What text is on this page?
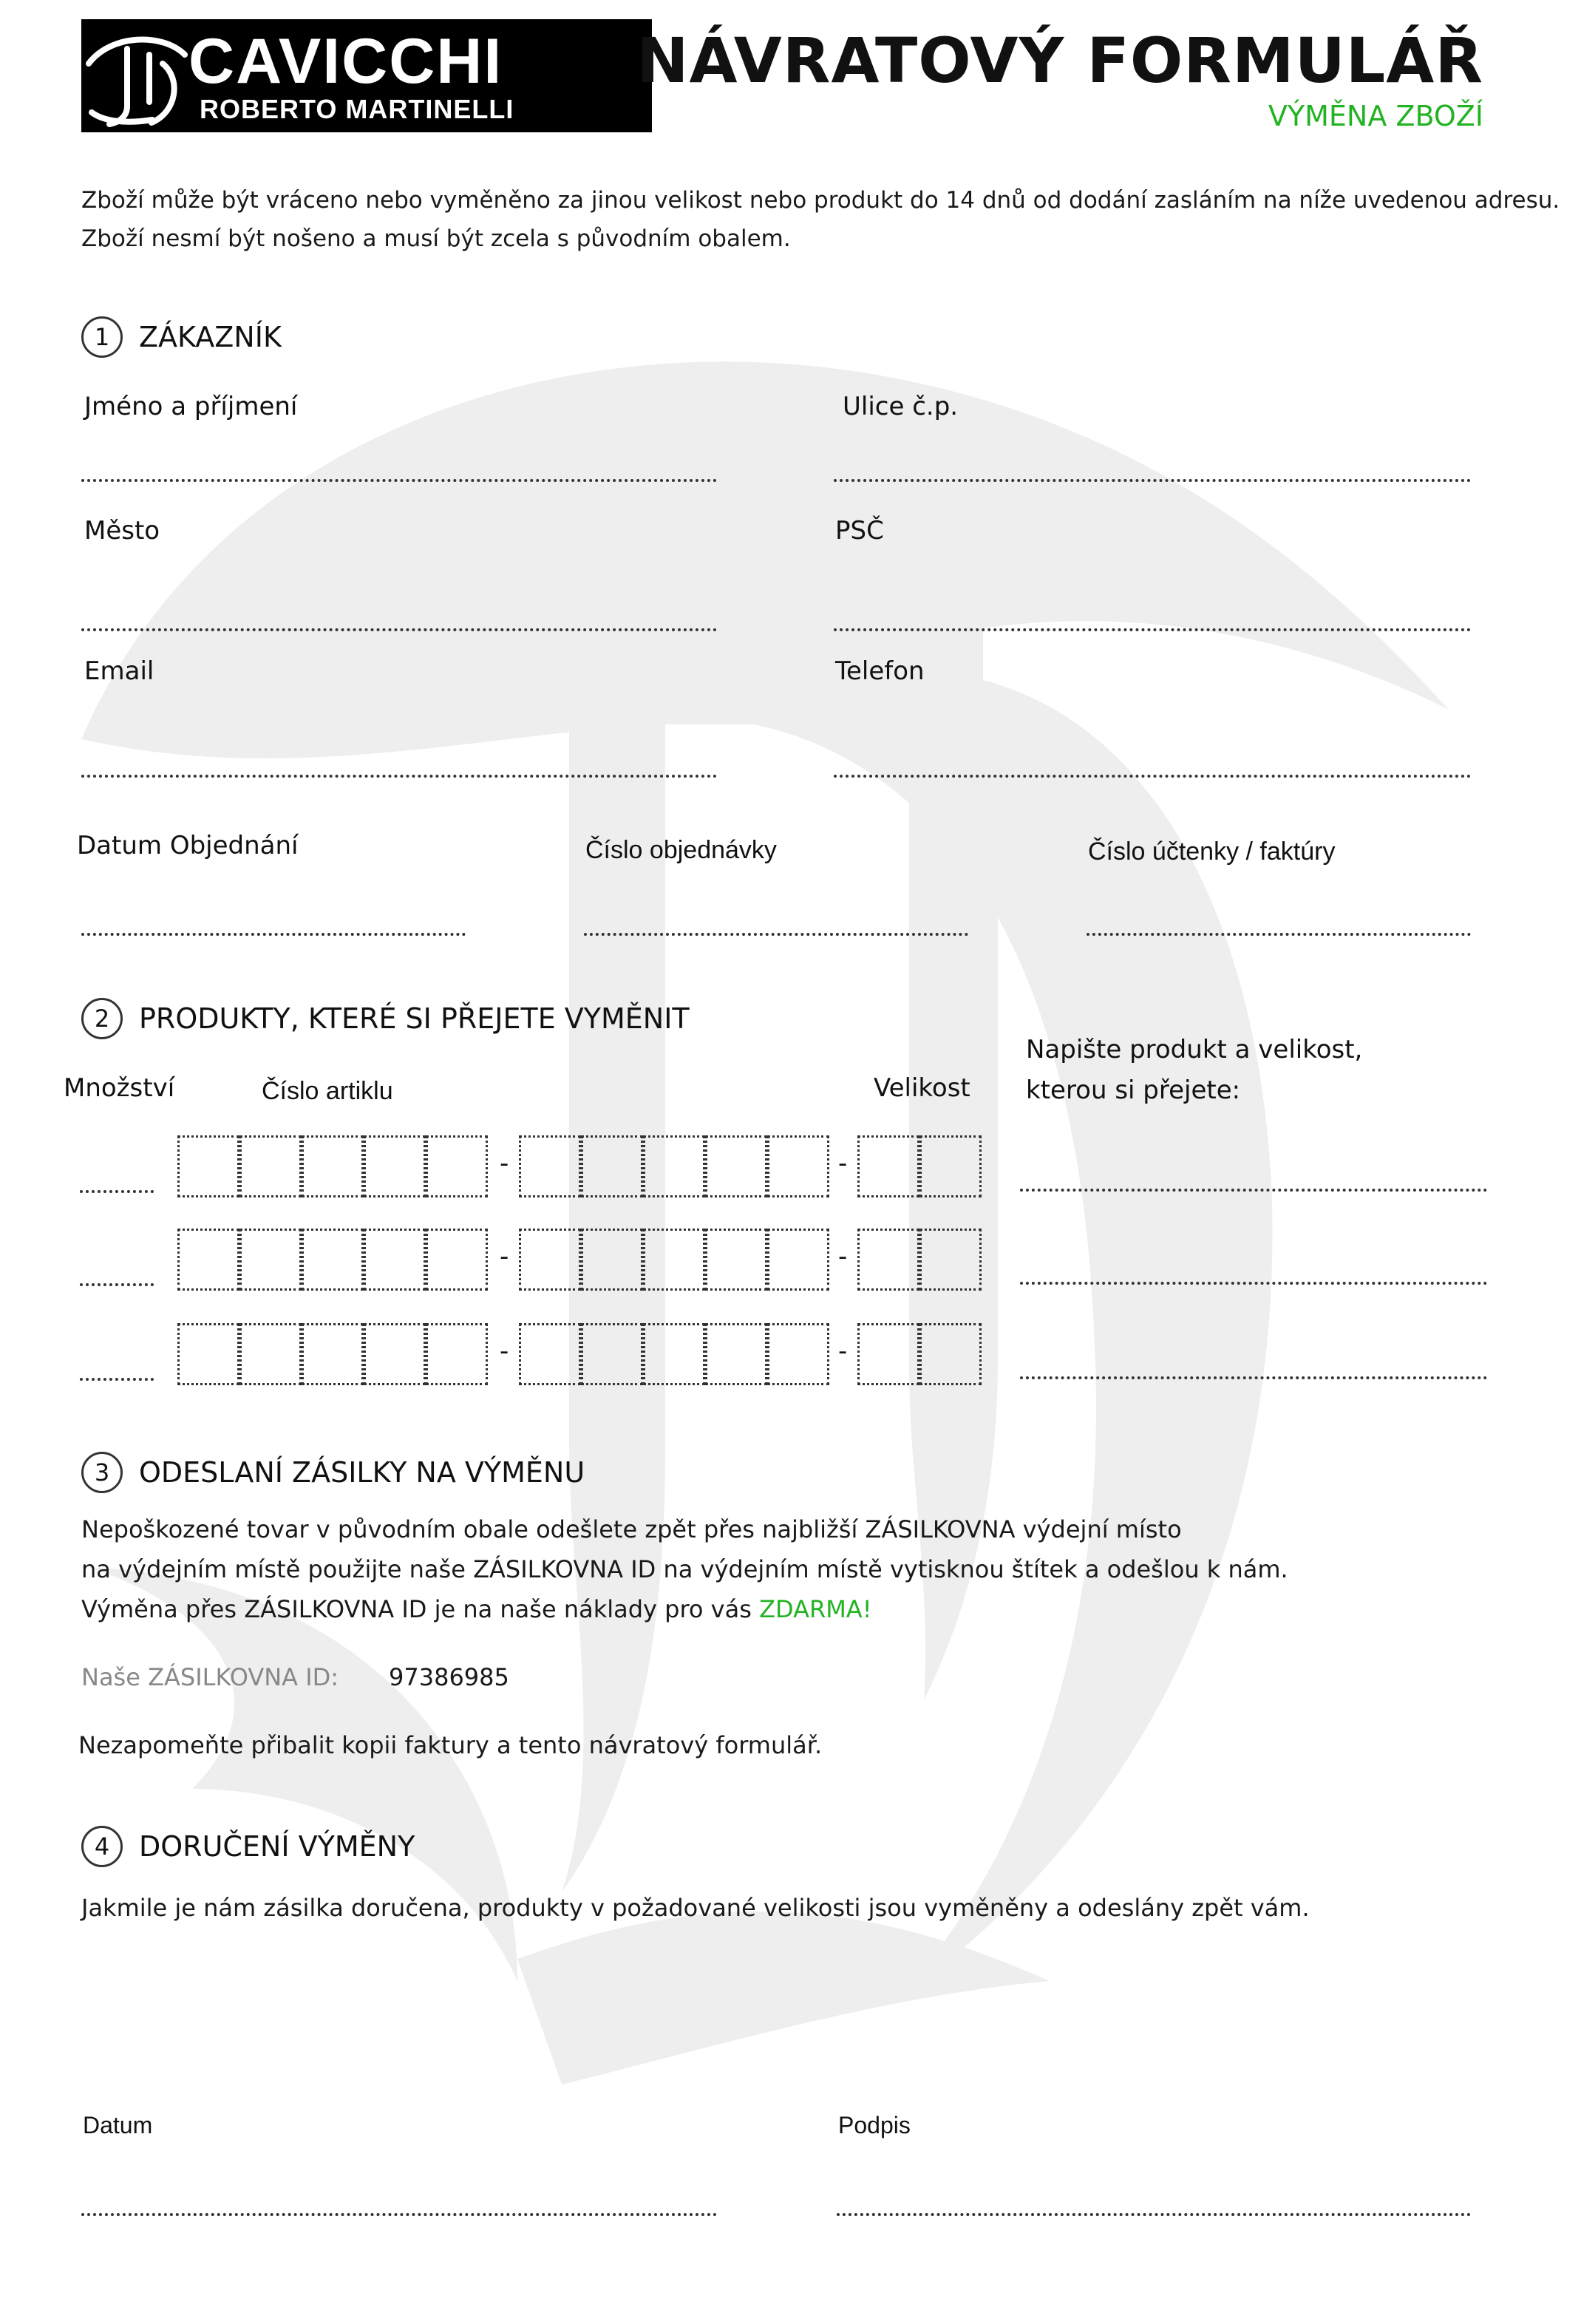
CAVICCHI
ROBERTO MARTINELLI
NÁVRATOVÝ FORMULÁŘ
VÝMĚNA ZBOŽÍ
Zboží může být vráceno nebo vyměněno za jinou velikost nebo produkt do 14 dnů od dodání zasláním na níže uvedenou adresu.
Zboží nesmí být nošeno a musí být zcela s původním obalem.
1	ZÁKAZNÍK
Jméno a příjmení	Ulice č.p.
Město	PSČ
Email	Telefon
Datum Objednání	Číslo objednávky	Číslo účtenky / faktúry
2	PRODUKTY, KTERÉ SI PŘEJETE VYMĚNIT
Množství	Číslo artiklu	Velikost
Napište produkt a velikost,
kterou si přejete:
-	-
-	-
-	-
3	ODESLANÍ ZÁSILKY NA VÝMĚNU
Nepoškozené tovar v původním obale odešlete zpět přes najbližší ZÁSILKOVNA výdejní místo
na výdejním místě použijte naše ZÁSILKOVNA ID na výdejním místě vytisknou štítek a odešlou k nám.
Výměna přes ZÁSILKOVNA ID je na naše náklady pro vás ZDARMA!
Naše ZÁSILKOVNA ID: 97386985
Nezapomeňte přibalit kopii faktury a tento návratový formulář.
4	DORUČENÍ VÝMĚNY
Jakmile je nám zásilka doručena, produkty v požadované velikosti jsou vyměněny a odeslány zpět vám.
Datum	Podpis
